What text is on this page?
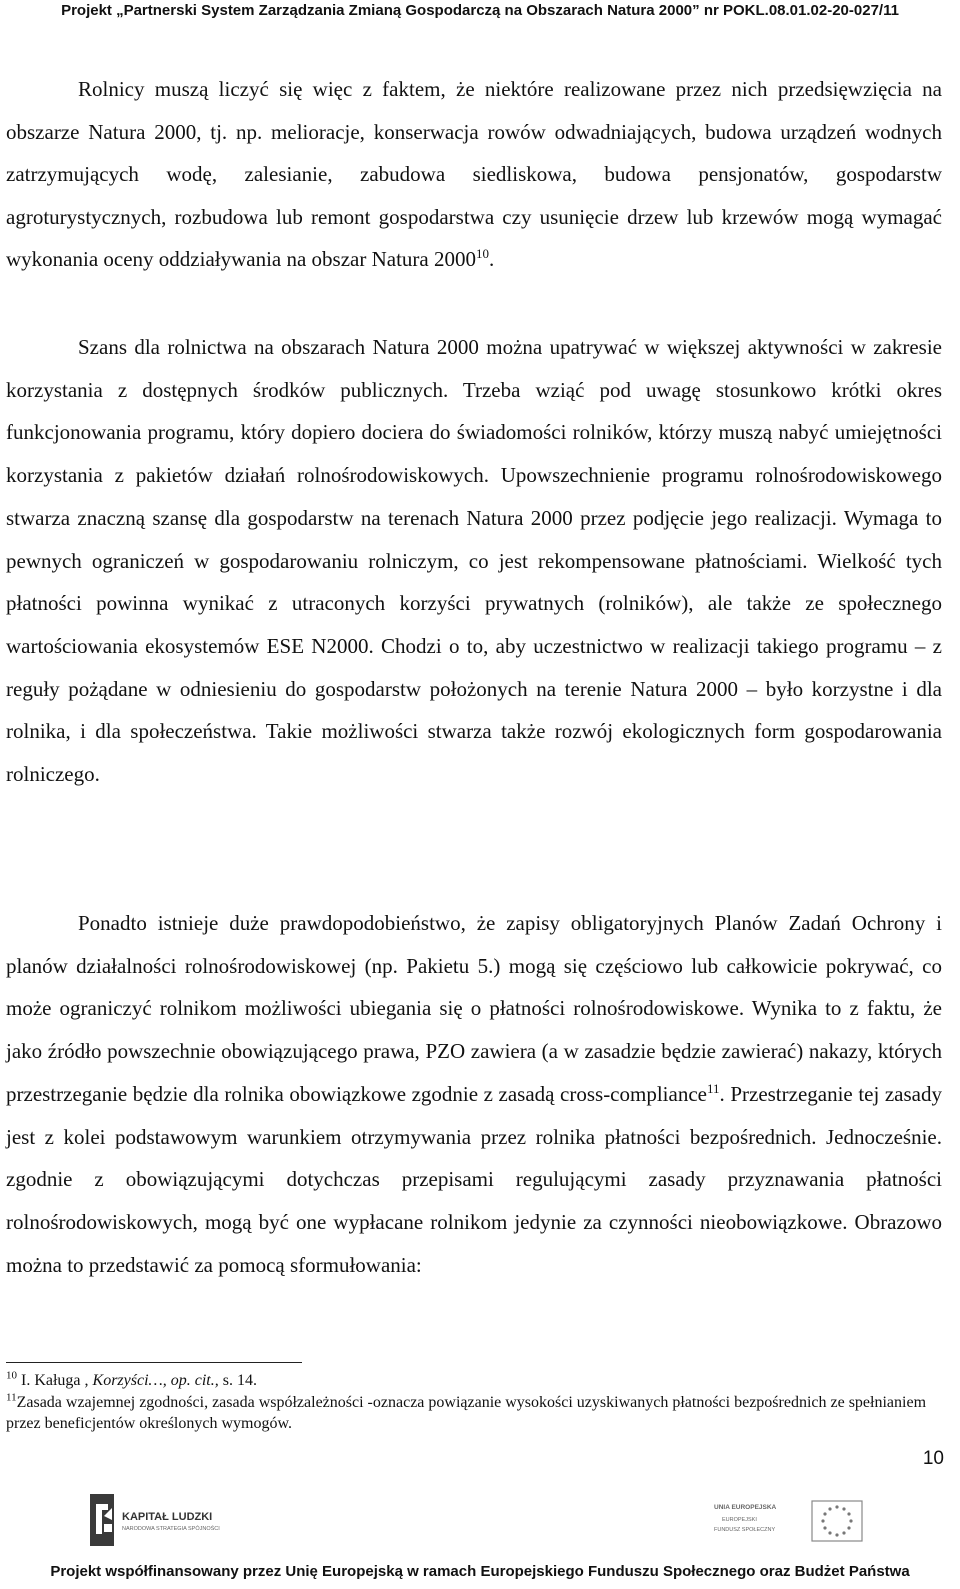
Projekt „Partnerski System Zarządzania Zmianą Gospodarczą na Obszarach Natura 2000” nr POKL.08.01.02-20-027/11

Rolnicy muszą liczyć się więc z faktem, że niektóre realizowane przez nich przedsięwzięcia na obszarze Natura 2000, tj. np. melioracje, konserwacja rowów odwadniających, budowa urządzeń wodnych zatrzymujących wodę, zalesianie, zabudowa siedliskowa, budowa pensjonatów, gospodarstw agroturystycznych, rozbudowa lub remont gospodarstwa czy usunięcie drzew lub krzewów mogą wymagać wykonania oceny oddziaływania na obszar Natura 2000$^{10}$.

Szans dla rolnictwa na obszarach Natura 2000 można upatrywać w większej aktywności w zakresie korzystania z dostępnych środków publicznych. Trzeba wziąć pod uwagę stosunkowo krótki okres funkcjonowania programu, który dopiero dociera do świadomości rolników, którzy muszą nabyć umiejętności korzystania z pakietów działań rolnośrodowiskowych. Upowszechnienie programu rolnośrodowiskowego stwarza znaczną szansę dla gospodarstw na terenach Natura 2000 przez podjęcie jego realizacji. Wymaga to pewnych ograniczeń w gospodarowaniu rolniczym, co jest rekompensowane płatnościami. Wielkość tych płatności powinna wynikać z utraconych korzyści prywatnych (rolników), ale także ze społecznego wartościowania ekosystemów ESE N2000. Chodzi o to, aby uczestnictwo w realizacji takiego programu – z reguły pożądane w odniesieniu do gospodarstw położonych na terenie Natura 2000 – było korzystne i dla rolnika, i dla społeczeństwa. Takie możliwości stwarza także rozwój ekologicznych form gospodarowania rolniczego.

Ponadto istnieje duże prawdopodobieństwo, że zapisy obligatoryjnych Planów Zadań Ochrony i planów działalności rolnośrodowiskowej (np. Pakietu 5.) mogą się częściowo lub całkowicie pokrywać, co może ograniczyć rolnikom możliwości ubiegania się o płatności rolnośrodowiskowe. Wynika to z faktu, że jako źródło powszechnie obowiązującego prawa, PZO zawiera (a w zasadzie będzie zawierać) nakazy, których przestrzeganie będzie dla rolnika obowiązkowe zgodnie z zasadą cross-compliance$^{11}$. Przestrzeganie tej zasady jest z kolei podstawowym warunkiem otrzymywania przez rolnika płatności bezpośrednich. Jednocześnie. zgodnie z obowiązującymi dotychczas przepisami regulującymi zasady przyznawania płatności rolnośrodowiskowych, mogą być one wypłacane rolnikom jedynie za czynności nieobowiązkowe. Obrazowo można to przedstawić za pomocą sformułowania:

$^{10}$ I. Kaługa , Korzyści…, op. cit., s. 14.
$^{11}$Zasada wzajemnej zgodności, zasada współzależności -oznacza powiązanie wysokości uzyskiwanych płatności bezpośrednich ze spełnianiem przez beneficjentów określonych wymogów.
10
KAPITAŁ LUDZKI
NARODOWA STRATEGIA SPÓJNOŚCI
UNIA EUROPEJSKA
EUROPEJSKI
FUNDUSZ SPOŁECZNY
Projekt współfinansowany przez Unię Europejską w ramach Europejskiego Funduszu Społecznego oraz Budżet Państwa
